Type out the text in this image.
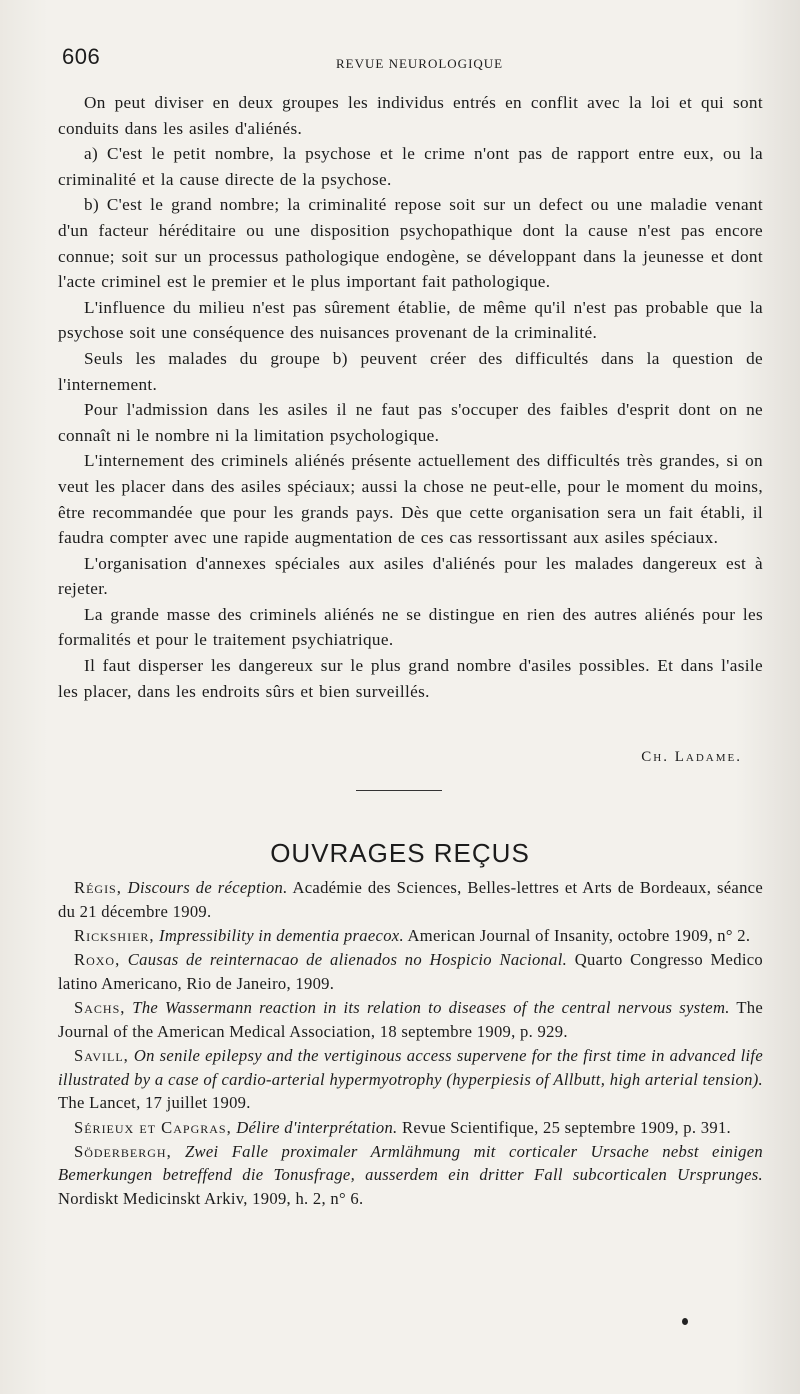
606	REVUE NEUROLOGIQUE

On peut diviser en deux groupes les individus entrés en conflit avec la loi et qui sont conduits dans les asiles d'aliénés.

a) C'est le petit nombre, la psychose et le crime n'ont pas de rapport entre eux, ou la criminalité et la cause directe de la psychose.

b) C'est le grand nombre; la criminalité repose soit sur un defect ou une maladie venant d'un facteur héréditaire ou une disposition psychopathique dont la cause n'est pas encore connue; soit sur un processus pathologique endogène, se développant dans la jeunesse et dont l'acte criminel est le premier et le plus important fait pathologique.

L'influence du milieu n'est pas sûrement établie, de même qu'il n'est pas probable que la psychose soit une conséquence des nuisances provenant de la criminalité.

Seuls les malades du groupe b) peuvent créer des difficultés dans la question de l'internement.

Pour l'admission dans les asiles il ne faut pas s'occuper des faibles d'esprit dont on ne connaît ni le nombre ni la limitation psychologique.

L'internement des criminels aliénés présente actuellement des difficultés très grandes, si on veut les placer dans des asiles spéciaux; aussi la chose ne peut-elle, pour le moment du moins, être recommandée que pour les grands pays. Dès que cette organisation sera un fait établi, il faudra compter avec une rapide augmentation de ces cas ressortissant aux asiles spéciaux.

L'organisation d'annexes spéciales aux asiles d'aliénés pour les malades dangereux est à rejeter.

La grande masse des criminels aliénés ne se distingue en rien des autres aliénés pour les formalités et pour le traitement psychiatrique.

Il faut disperser les dangereux sur le plus grand nombre d'asiles possibles. Et dans l'asile les placer, dans les endroits sûrs et bien surveillés.

Ch. Ladame.
OUVRAGES REÇUS

Régis, Discours de réception. Académie des Sciences, Belles-lettres et Arts de Bordeaux, séance du 21 décembre 1909.

Rickshier, Impressibility in dementia praecox. American Journal of Insanity, octobre 1909, n° 2.

Roxo, Causas de reinternacao de alienados no Hospicio Nacional. Quarto Congresso Medico latino Americano, Rio de Janeiro, 1909.

Sachs, The Wassermann reaction in its relation to diseases of the central nervous system. The Journal of the American Medical Association, 18 septembre 1909, p. 929.

Savill, On senile epilepsy and the vertiginous access supervene for the first time in advanced life illustrated by a case of cardio-arterial hypermyotrophy (hyperpiesis of Allbutt, high arterial tension). The Lancet, 17 juillet 1909.

Sérieux et Capgras, Délire d'interprétation. Revue Scientifique, 25 septembre 1909, p. 391.

Söderbergh, Zwei Falle proximaler Armlähmung mit corticaler Ursache nebst einigen Bemerkungen betreffend die Tonusfrage, ausserdem ein dritter Fall subcorticalen Ursprunges. Nordiskt Medicinskt Arkiv, 1909, h. 2, n° 6.
